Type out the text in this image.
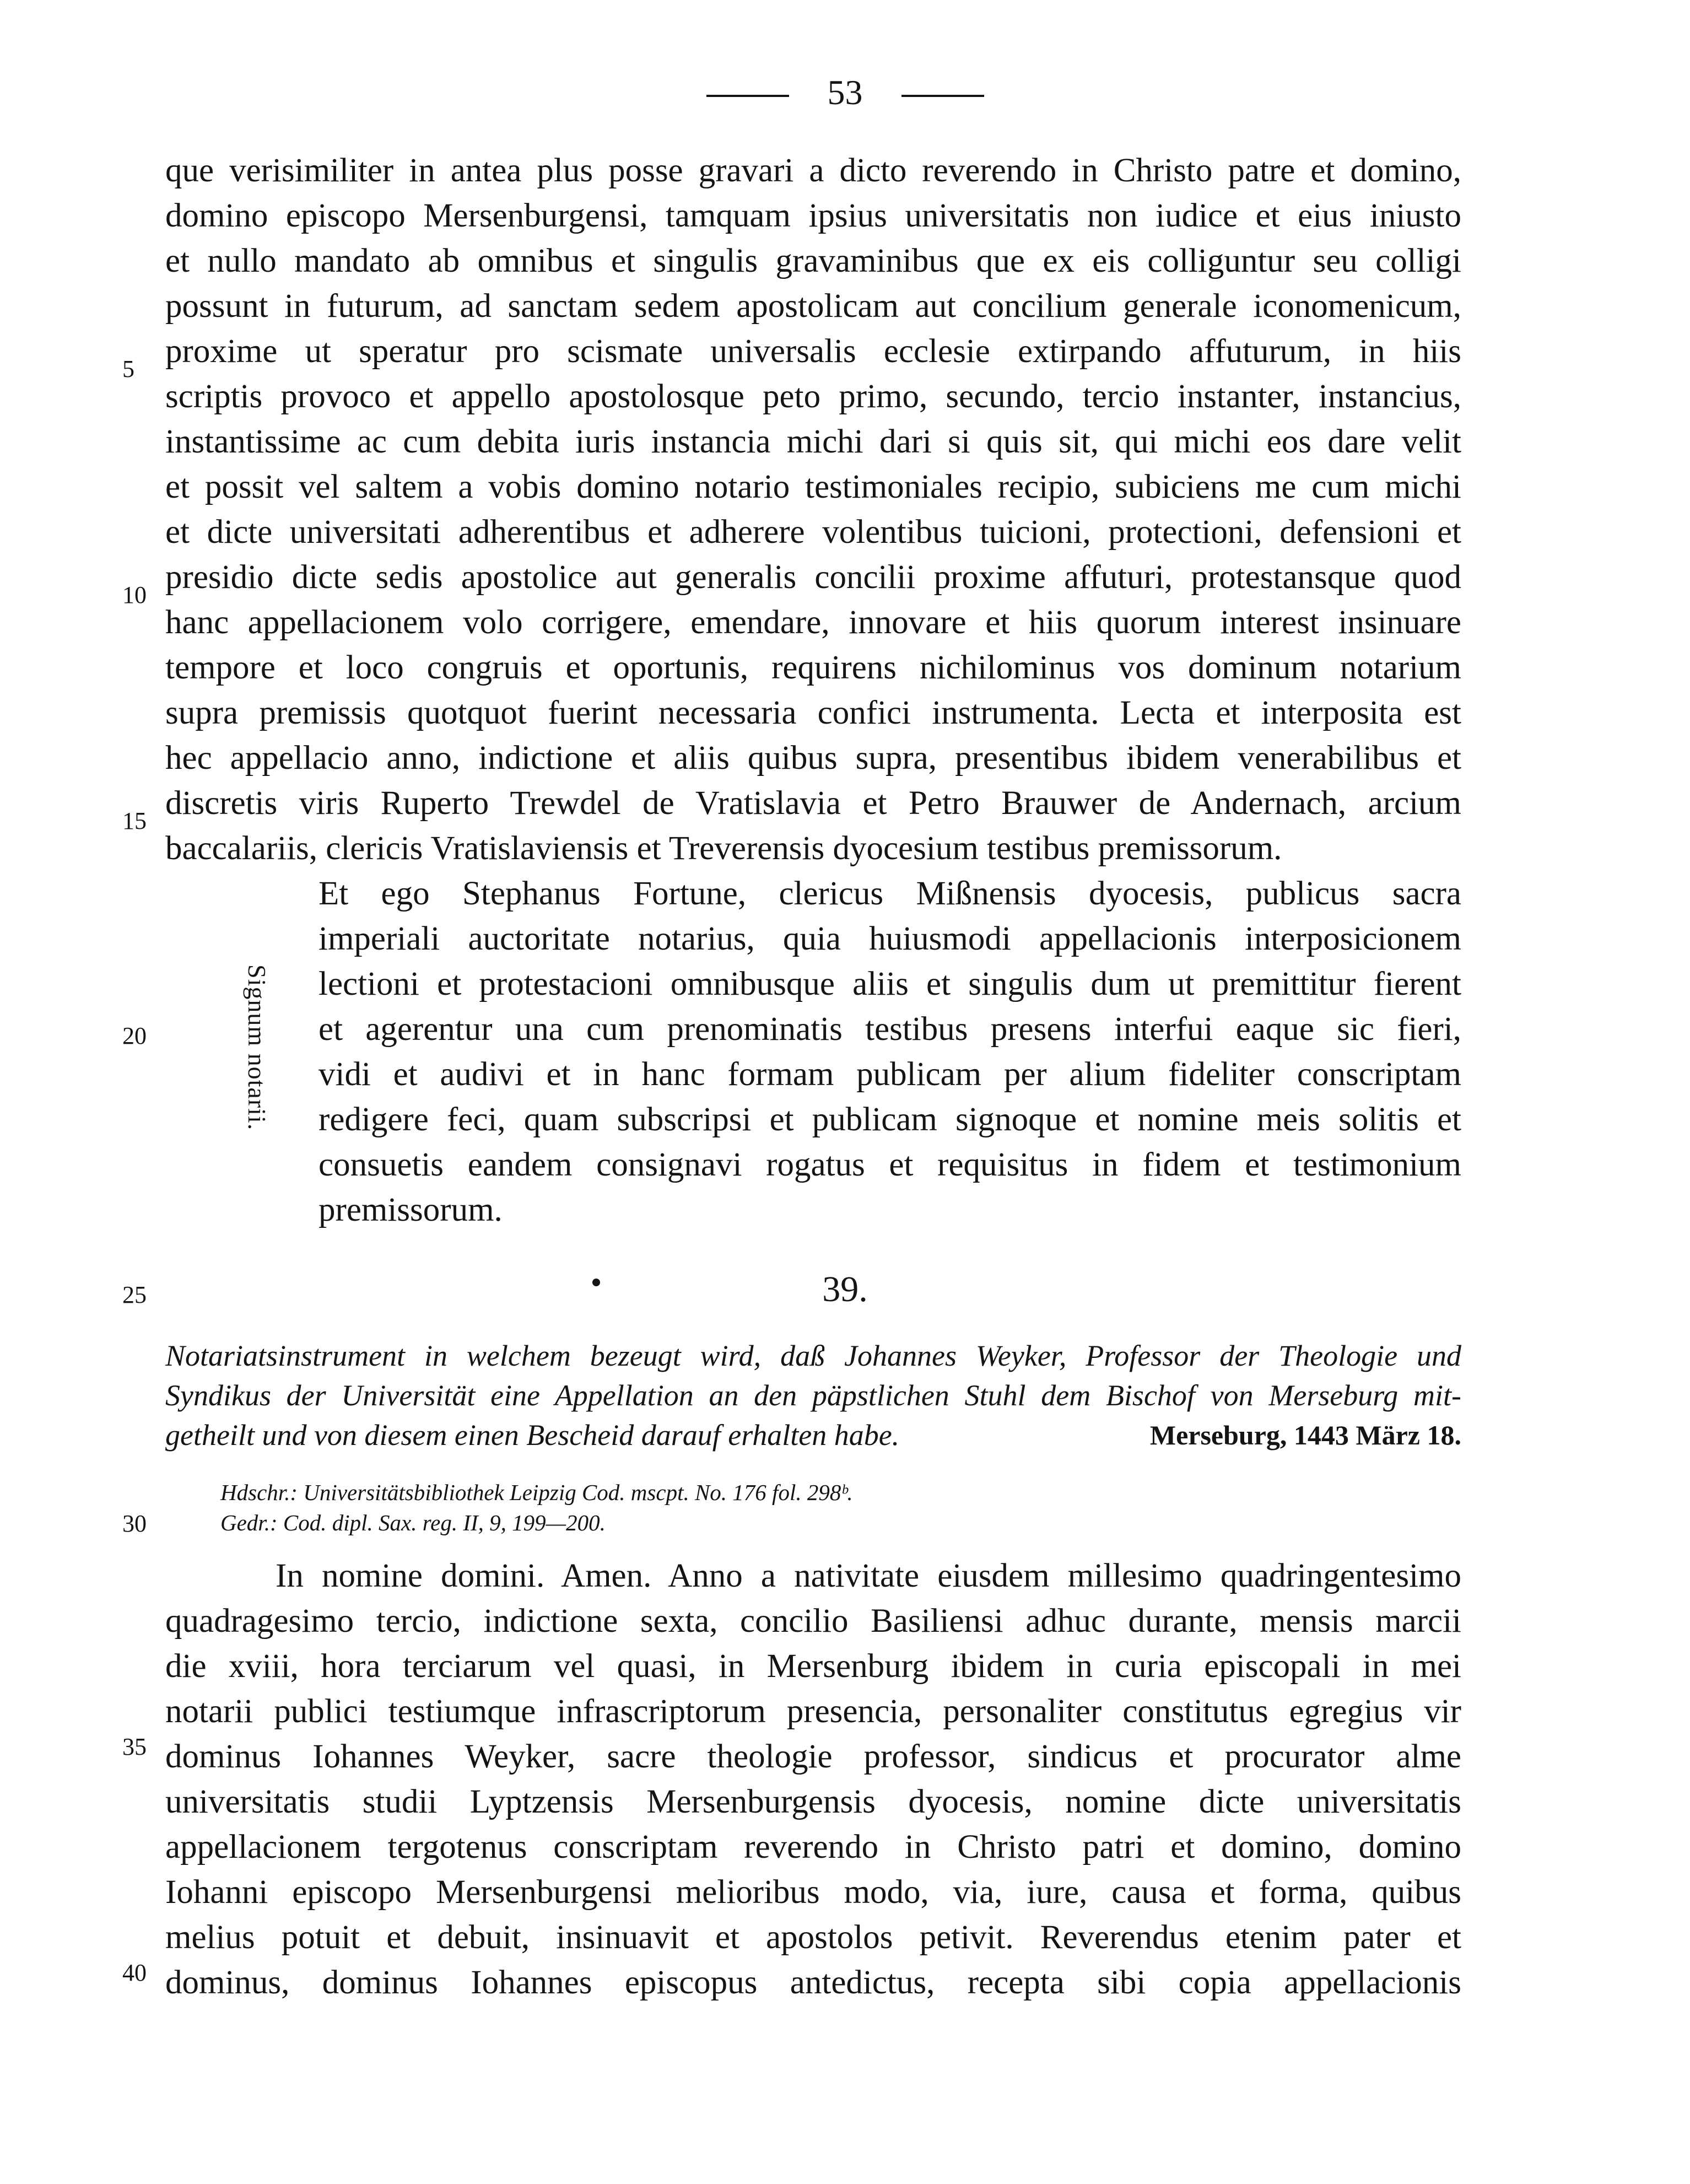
53
que verisimiliter in antea plus posse gravari a dicto reverendo in Christo patre et domino,
domino episcopo Mersenburgensi, tamquam ipsius universitatis non iudice et eius iniusto
et nullo mandato ab omnibus et singulis gravaminibus que ex eis colliguntur seu colligi
possunt in futurum, ad sanctam sedem apostolicam aut concilium generale iconomenicum,
proxime ut speratur pro scismate universalis ecclesie extirpando affuturum, in hiis
scriptis provoco et appello apostolosque peto primo, secundo, tercio instanter, instancius,
instantissime ac cum debita iuris instancia michi dari si quis sit, qui michi eos dare velit
et possit vel saltem a vobis domino notario testimoniales recipio, subiciens me cum michi
et dicte universitati adherentibus et adherere volentibus tuicioni, protectioni, defensioni et
presidio dicte sedis apostolice aut generalis concilii proxime affuturi, protestansque quod
hanc appellacionem volo corrigere, emendare, innovare et hiis quorum interest insinuare
tempore et loco congruis et oportunis, requirens nichilominus vos dominum notarium
supra premissis quotquot fuerint necessaria confici instrumenta. Lecta et interposita est
hec appellacio anno, indictione et aliis quibus supra, presentibus ibidem venerabilibus et
discretis viris Ruperto Trewdel de Vratislavia et Petro Brauwer de Andernach, arcium
baccalariis, clericis Vratislaviensis et Treverensis dyocesium testibus premissorum.
Et ego Stephanus Fortune, clericus Mißnensis dyocesis, publicus sacra
imperiali auctoritate notarius, quia huiusmodi appellacionis interposicionem
lectioni et protestacioni omnibusque aliis et singulis dum ut premittitur fierent
et agerentur una cum prenominatis testibus presens interfui eaque sic fieri,
vidi et audivi et in hanc formam publicam per alium fideliter conscriptam
redigere feci, quam subscripsi et publicam signoque et nomine meis solitis et
consuetis eandem consignavi rogatus et requisitus in fidem et testimonium
premissorum.
Signum notarii.
5
10
15
20
25
30
35
40
39.
Notariatsinstrument in welchem bezeugt wird, daß Johannes Weyker, Professor der Theologie und
Syndikus der Universität eine Appellation an den päpstlichen Stuhl dem Bischof von Merseburg mit-
getheilt und von diesem einen Bescheid darauf erhalten habe.	Merseburg, 1443 März 18.
Hdschr.: Universitätsbibliothek Leipzig Cod. mscpt. No. 176 fol. 298ᵇ.
Gedr.: Cod. dipl. Sax. reg. II, 9, 199—200.
In nomine domini. Amen. Anno a nativitate eiusdem millesimo quadringentesimo
quadragesimo tercio, indictione sexta, concilio Basiliensi adhuc durante, mensis marcii
die xviii, hora terciarum vel quasi, in Mersenburg ibidem in curia episcopali in mei
notarii publici testiumque infrascriptorum presencia, personaliter constitutus egregius vir
dominus Iohannes Weyker, sacre theologie professor, sindicus et procurator alme
universitatis studii Lyptzensis Mersenburgensis dyocesis, nomine dicte universitatis
appellacionem tergotenus conscriptam reverendo in Christo patri et domino, domino
Iohanni episcopo Mersenburgensi melioribus modo, via, iure, causa et forma, quibus
melius potuit et debuit, insinuavit et apostolos petivit. Reverendus etenim pater et
dominus, dominus Iohannes episcopus antedictus, recepta sibi copia appellacionis
